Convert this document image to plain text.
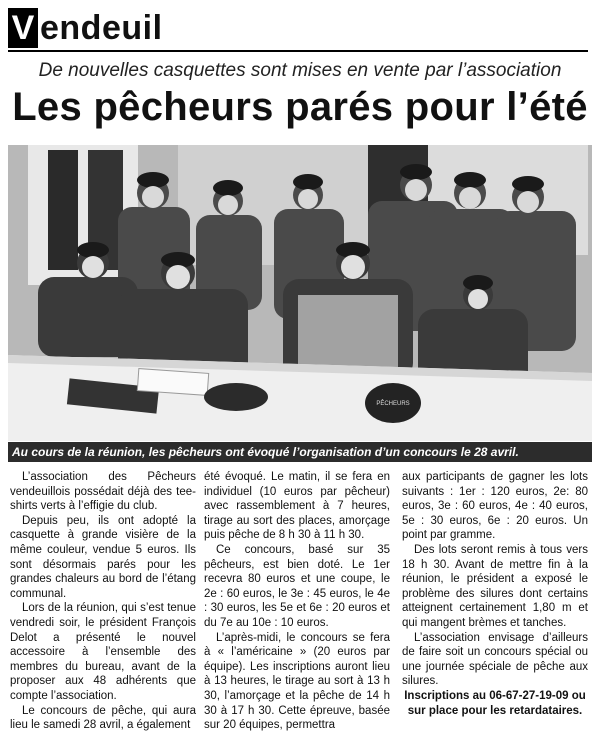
V endeuil
De nouvelles casquettes sont mises en vente par l’association
Les pêcheurs parés pour l’été
PÊCHEURS
Au cours de la réunion, les pêcheurs ont évoqué l’organisation d’un concours le 28 avril.

L’association des Pêcheurs vendeuillois possédait déjà des tee-shirts verts à l’effigie du club.

Depuis peu, ils ont adopté la casquette à grande visière de la même couleur, vendue 5 euros. Ils sont désormais parés pour les grandes chaleurs au bord de l’étang communal.

Lors de la réunion, qui s’est tenue vendredi soir, le président François Delot a présenté le nouvel accessoire à l’ensemble des membres du bureau, avant de la proposer aux 48 adhérents que compte l’association.

Le concours de pêche, qui aura lieu le samedi 28 avril, a également

été évoqué. Le matin, il se fera en individuel (10 euros par pêcheur) avec rassemblement à 7 heures, tirage au sort des places, amorçage puis pêche de 8 h 30 à 11 h 30.

Ce concours, basé sur 35 pêcheurs, est bien doté. Le 1er recevra 80 euros et une coupe, le 2e : 60 euros, le 3e : 45 euros, le 4e : 30 euros, les 5e et 6e : 20 euros et du 7e au 10e : 10 euros.

L’après-midi, le concours se fera à « l’américaine » (20 euros par équipe). Les inscriptions auront lieu à 13 heures, le tirage au sort à 13 h 30, l’amorçage et la pêche de 14 h 30 à 17 h 30. Cette épreuve, basée sur 20 équipes, permettra

aux participants de gagner les lots suivants : 1er : 120 euros, 2e: 80 euros, 3e : 60 euros, 4e : 40 euros, 5e : 30 euros, 6e : 20 euros. Un point par gramme.

Des lots seront remis à tous vers 18 h 30. Avant de mettre fin à la réunion, le président a exposé le problème des silures dont certains atteignent certainement 1,80 m et qui mangent brèmes et tanches.

L’association envisage d’ailleurs de faire soit un concours spécial ou une journée spéciale de pêche aux silures.

Inscriptions au 06-67-27-19-09 ou sur place pour les retardataires.
